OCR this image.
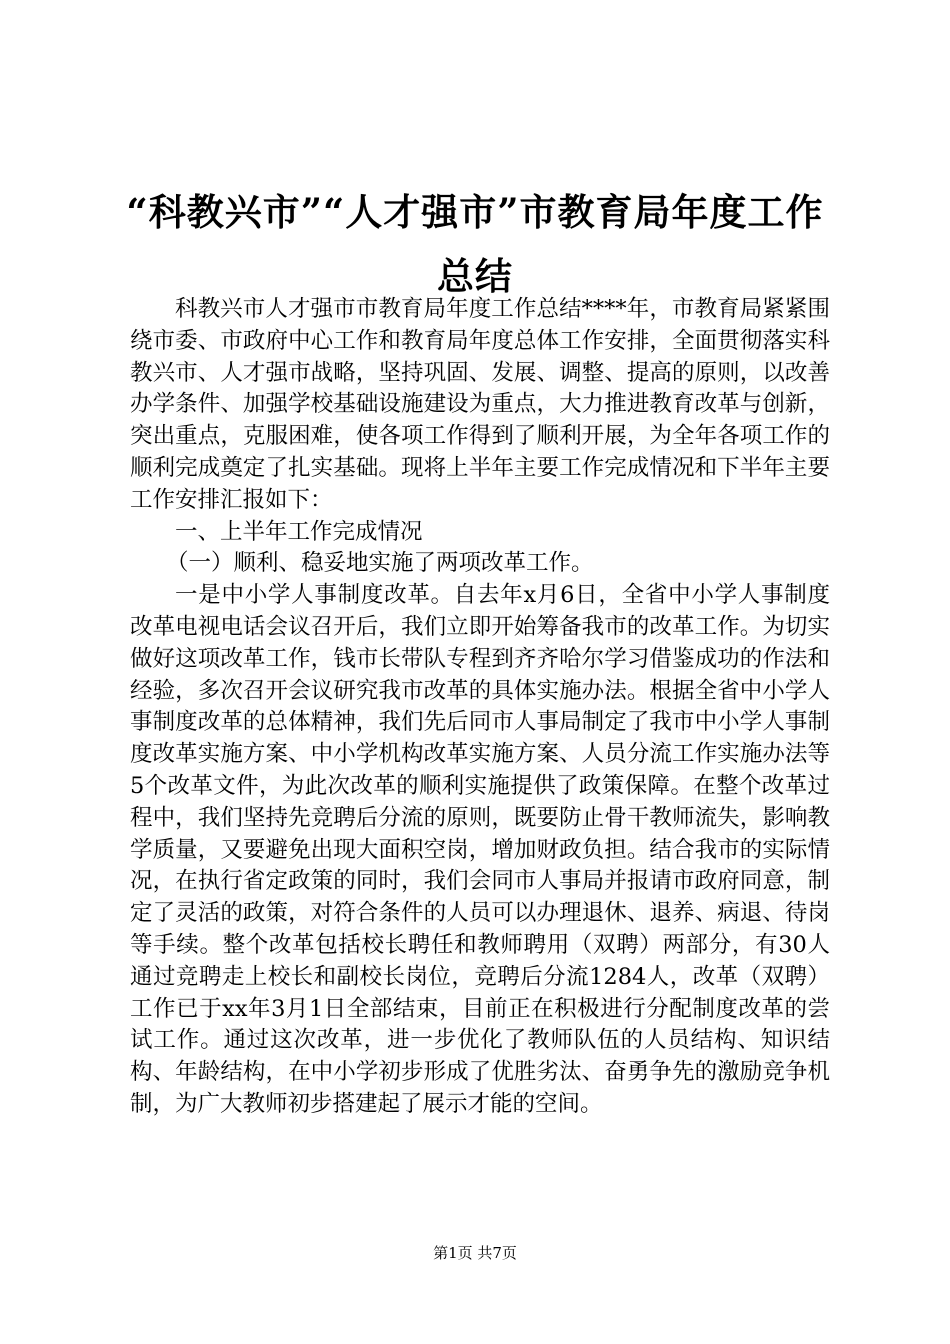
“科教兴市”“人才强市”市教育局年度工作总结

科教兴市人才强市市教育局年度工作总结****年，市教育局紧紧围绕市委、市政府中心工作和教育局年度总体工作安排，全面贯彻落实科教兴市、人才强市战略，坚持巩固、发展、调整、提高的原则，以改善办学条件、加强学校基础设施建设为重点，大力推进教育改革与创新，突出重点，克服困难，使各项工作得到了顺利开展，为全年各项工作的顺利完成奠定了扎实基础。现将上半年主要工作完成情况和下半年主要工作安排汇报如下：

一、上半年工作完成情况

（一）顺利、稳妥地实施了两项改革工作。

一是中小学人事制度改革。自去年x月6日，全省中小学人事制度改革电视电话会议召开后，我们立即开始筹备我市的改革工作。为切实做好这项改革工作，钱市长带队专程到齐齐哈尔学习借鉴成功的作法和经验，多次召开会议研究我市改革的具体实施办法。根据全省中小学人事制度改革的总体精神，我们先后同市人事局制定了我市中小学人事制度改革实施方案、中小学机构改革实施方案、人员分流工作实施办法等5个改革文件，为此次改革的顺利实施提供了政策保障。在整个改革过程中，我们坚持先竞聘后分流的原则，既要防止骨干教师流失，影响教学质量，又要避免出现大面积空岗，增加财政负担。结合我市的实际情况，在执行省定政策的同时，我们会同市人事局并报请市政府同意，制定了灵活的政策，对符合条件的人员可以办理退休、退养、病退、待岗等手续。整个改革包括校长聘任和教师聘用（双聘）两部分，有30人通过竞聘走上校长和副校长岗位，竞聘后分流1284人，改革（双聘）工作已于xx年3月1日全部结束，目前正在积极进行分配制度改革的尝试工作。通过这次改革，进一步优化了教师队伍的人员结构、知识结构、年龄结构，在中小学初步形成了优胜劣汰、奋勇争先的激励竞争机制，为广大教师初步搭建起了展示才能的空间。

第1页 共7页
